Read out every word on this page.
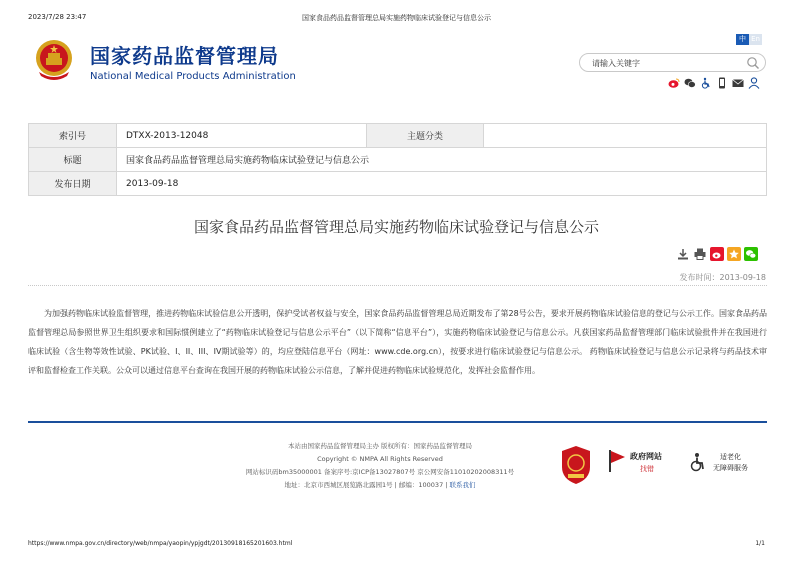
2023/7/28 23:47	国家食品药品监督管理总局实施药物临床试验登记与信息公示
国家药品监督管理局
National Medical Products Administration
中 En
请输入关键字
索引号	DTXX-2013-12048	主题分类	
标题	国家食品药品监督管理总局实施药物临床试验登记与信息公示		
发布日期	2013-09-18		
国家食品药品监督管理总局实施药物临床试验登记与信息公示
发布时间：2013-09-18
为加强药物临床试验监督管理，推进药物临床试验信息公开透明，保护受试者权益与安全，国家食品药品监督管理总局近期发布了第28号公告，要求开展药物临床试验信息的登记与公示工作。国家食品药品监督管理总局参照世界卫生组织要求和国际惯例建立了“药物临床试验登记与信息公示平台”（以下简称“信息平台”），实施药物临床试验登记与信息公示。凡获国家药品监督管理部门临床试验批件并在我国进行临床试验（含生物等效性试验、PK试验、I、II、III、IV期试验等）的，均应登陆信息平台（网址：www.cde.org.cn），按要求进行临床试验登记与信息公示。 药物临床试验登记与信息公示记录将与药品技术审评和监督检查工作关联。公众可以通过信息平台查询在我国开展的药物临床试验公示信息，了解并促进药物临床试验规范化，发挥社会监督作用。

本站由国家药品监督管理局主办 版权所有：国家药品监督管理局

Copyright © NMPA All Rights Reserved

网站标识码bm35000001 备案序号:京ICP备13027807号 京公网安备11010202008311号

地址：北京市西城区展览路北露园1号 | 邮编：100037 | 联系我们

政府网站
找错
适老化
无障碍服务
https://www.nmpa.gov.cn/directory/web/nmpa/yaopin/ypjgdt/20130918165201603.html	1/1
